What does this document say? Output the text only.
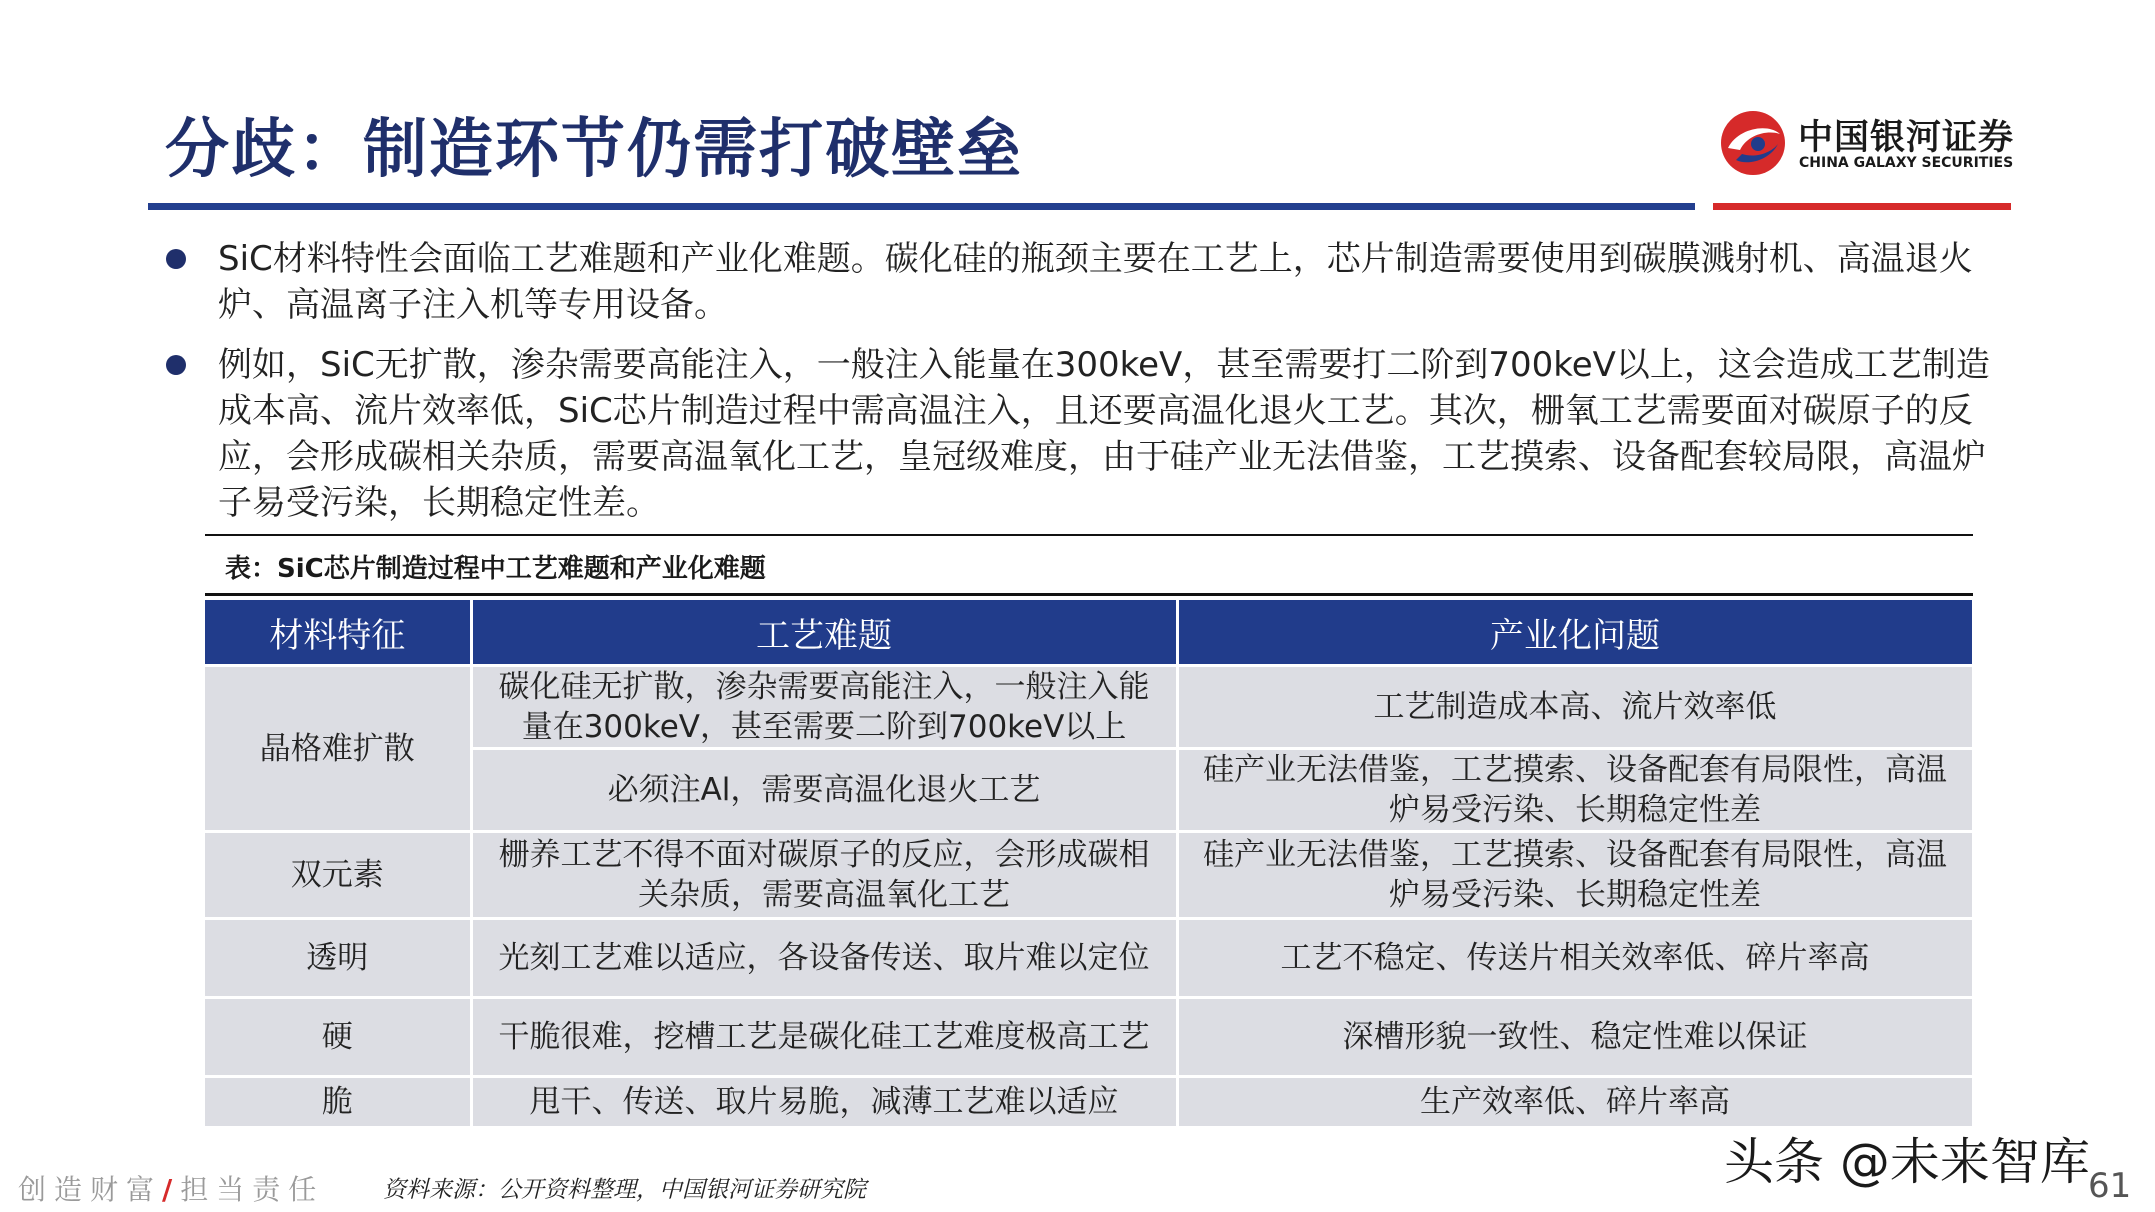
分歧：制造环节仍需打破壁垒	中国银河证券
CHINA GALAXY SECURITIES
SiC材料特性会面临工艺难题和产业化难题。碳化硅的瓶颈主要在工艺上，芯片制造需要使用到碳膜溅射机、高温退火炉、高温离子注入机等专用设备。
例如，SiC无扩散，渗杂需要高能注入，一般注入能量在300keV，甚至需要打二阶到700keV以上，这会造成工艺制造成本高、流片效率低，SiC芯片制造过程中需高温注入，且还要高温化退火工艺。其次，栅氧工艺需要面对碳原子的反应，会形成碳相关杂质，需要高温氧化工艺，皇冠级难度，由于硅产业无法借鉴，工艺摸索、设备配套较局限，高温炉子易受污染，长期稳定性差。
表：SiC芯片制造过程中工艺难题和产业化难题
材料特征	工艺难题	产业化问题
晶格难扩散	碳化硅无扩散，渗杂需要高能注入，一般注入能量在300keV，甚至需要二阶到700keV以上	工艺制造成本高、流片效率低
	必须注Al，需要高温化退火工艺	硅产业无法借鉴，工艺摸索、设备配套有局限性，高温炉易受污染、长期稳定性差
双元素	栅养工艺不得不面对碳原子的反应，会形成碳相关杂质，需要高温氧化工艺	硅产业无法借鉴，工艺摸索、设备配套有局限性，高温炉易受污染、长期稳定性差
透明	光刻工艺难以适应，各设备传送、取片难以定位	工艺不稳定、传送片相关效率低、碎片率高
硬	干脆很难，挖槽工艺是碳化硅工艺难度极高工艺	深槽形貌一致性、稳定性难以保证
脆	甩干、传送、取片易脆，减薄工艺难以适应	生产效率低、碎片率高
创造财富/担当责任	资料来源：公开资料整理，中国银河证券研究院	头条 @未来智库
61
